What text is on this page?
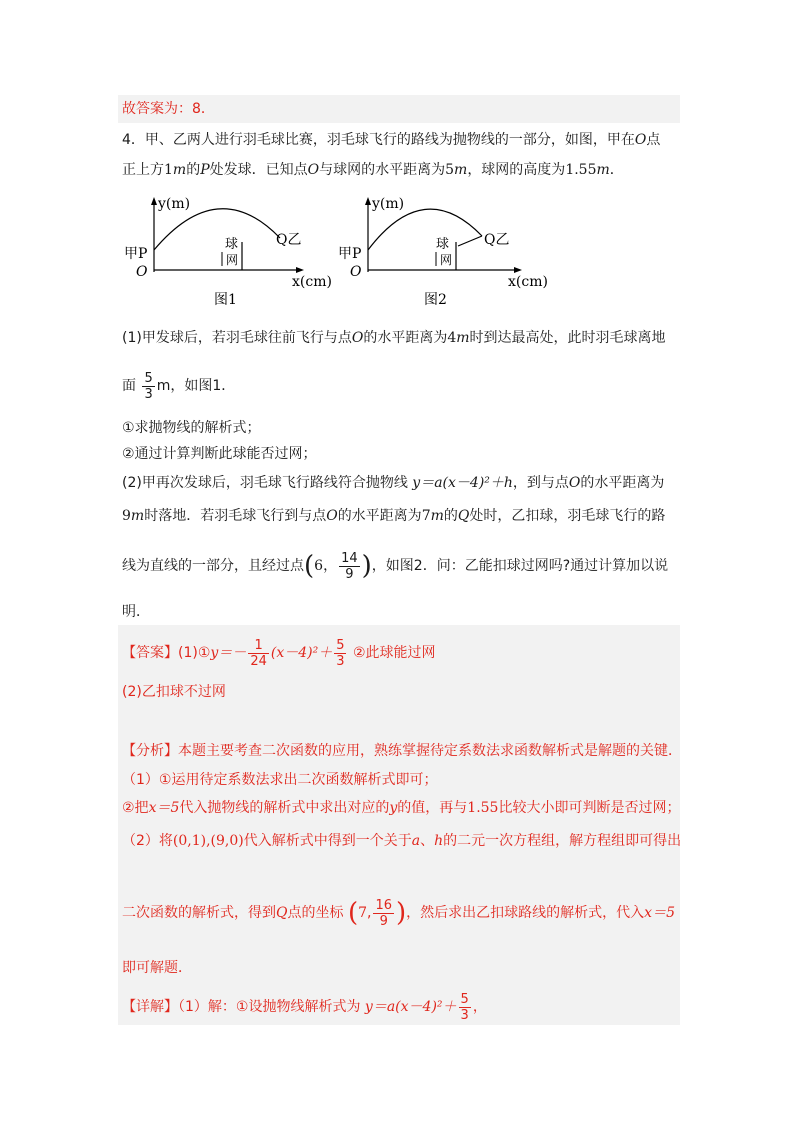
故答案为：8．
4．甲、乙两人进行羽毛球比赛，羽毛球飞行的路线为抛物线的一部分，如图，甲在O点
正上方1m的P处发球．已知点O与球网的水平距离为5m，球网的高度为1.55m．
y(m)
甲P
O
球
网
Q乙
x(cm)
图1
y(m)
甲P
O
球
网
Q乙
x(cm)
图2
(1)甲发球后，若羽毛球往前飞行与点O的水平距离为4m时到达最高处，此时羽毛球离地
面 $\frac{5}{3}$ m，如图1．
①求抛物线的解析式；
②通过计算判断此球能否过网；
(2)甲再次发球后，羽毛球飞行路线符合抛物线 y＝a(x－4)²＋h，到与点O的水平距离为
9m时落地．若羽毛球飞行到与点O的水平距离为7m的Q处时，乙扣球，羽毛球飞行的路
线为直线的一部分，且经过点(6， $\frac{14}{9}$ )，如图2．问：乙能扣球过网吗?通过计算加以说
明．
【答案】(1)①y＝－ $\frac{1}{24} (x-4)^2+ \frac{5}{3}$ ②此球能过网
(2)乙扣球不过网
【分析】本题主要考查二次函数的应用，熟练掌握待定系数法求函数解析式是解题的关键．
（1）①运用待定系数法求出二次函数解析式即可；
②把x＝5代入抛物线的解析式中求出对应的y的值，再与1.55比较大小即可判断是否过网；
（2）将(0,1),(9,0)代入解析式中得到一个关于a、h的二元一次方程组，解方程组即可得出
二次函数的解析式，得到Q点的坐标 (7, $\frac{16}{9}$ )，然后求出乙扣球路线的解析式，代入x＝5
即可解题．
【详解】（1）解：①设抛物线解析式为 $y=a(x-4)^2+ \frac{5}{3}$ ，
